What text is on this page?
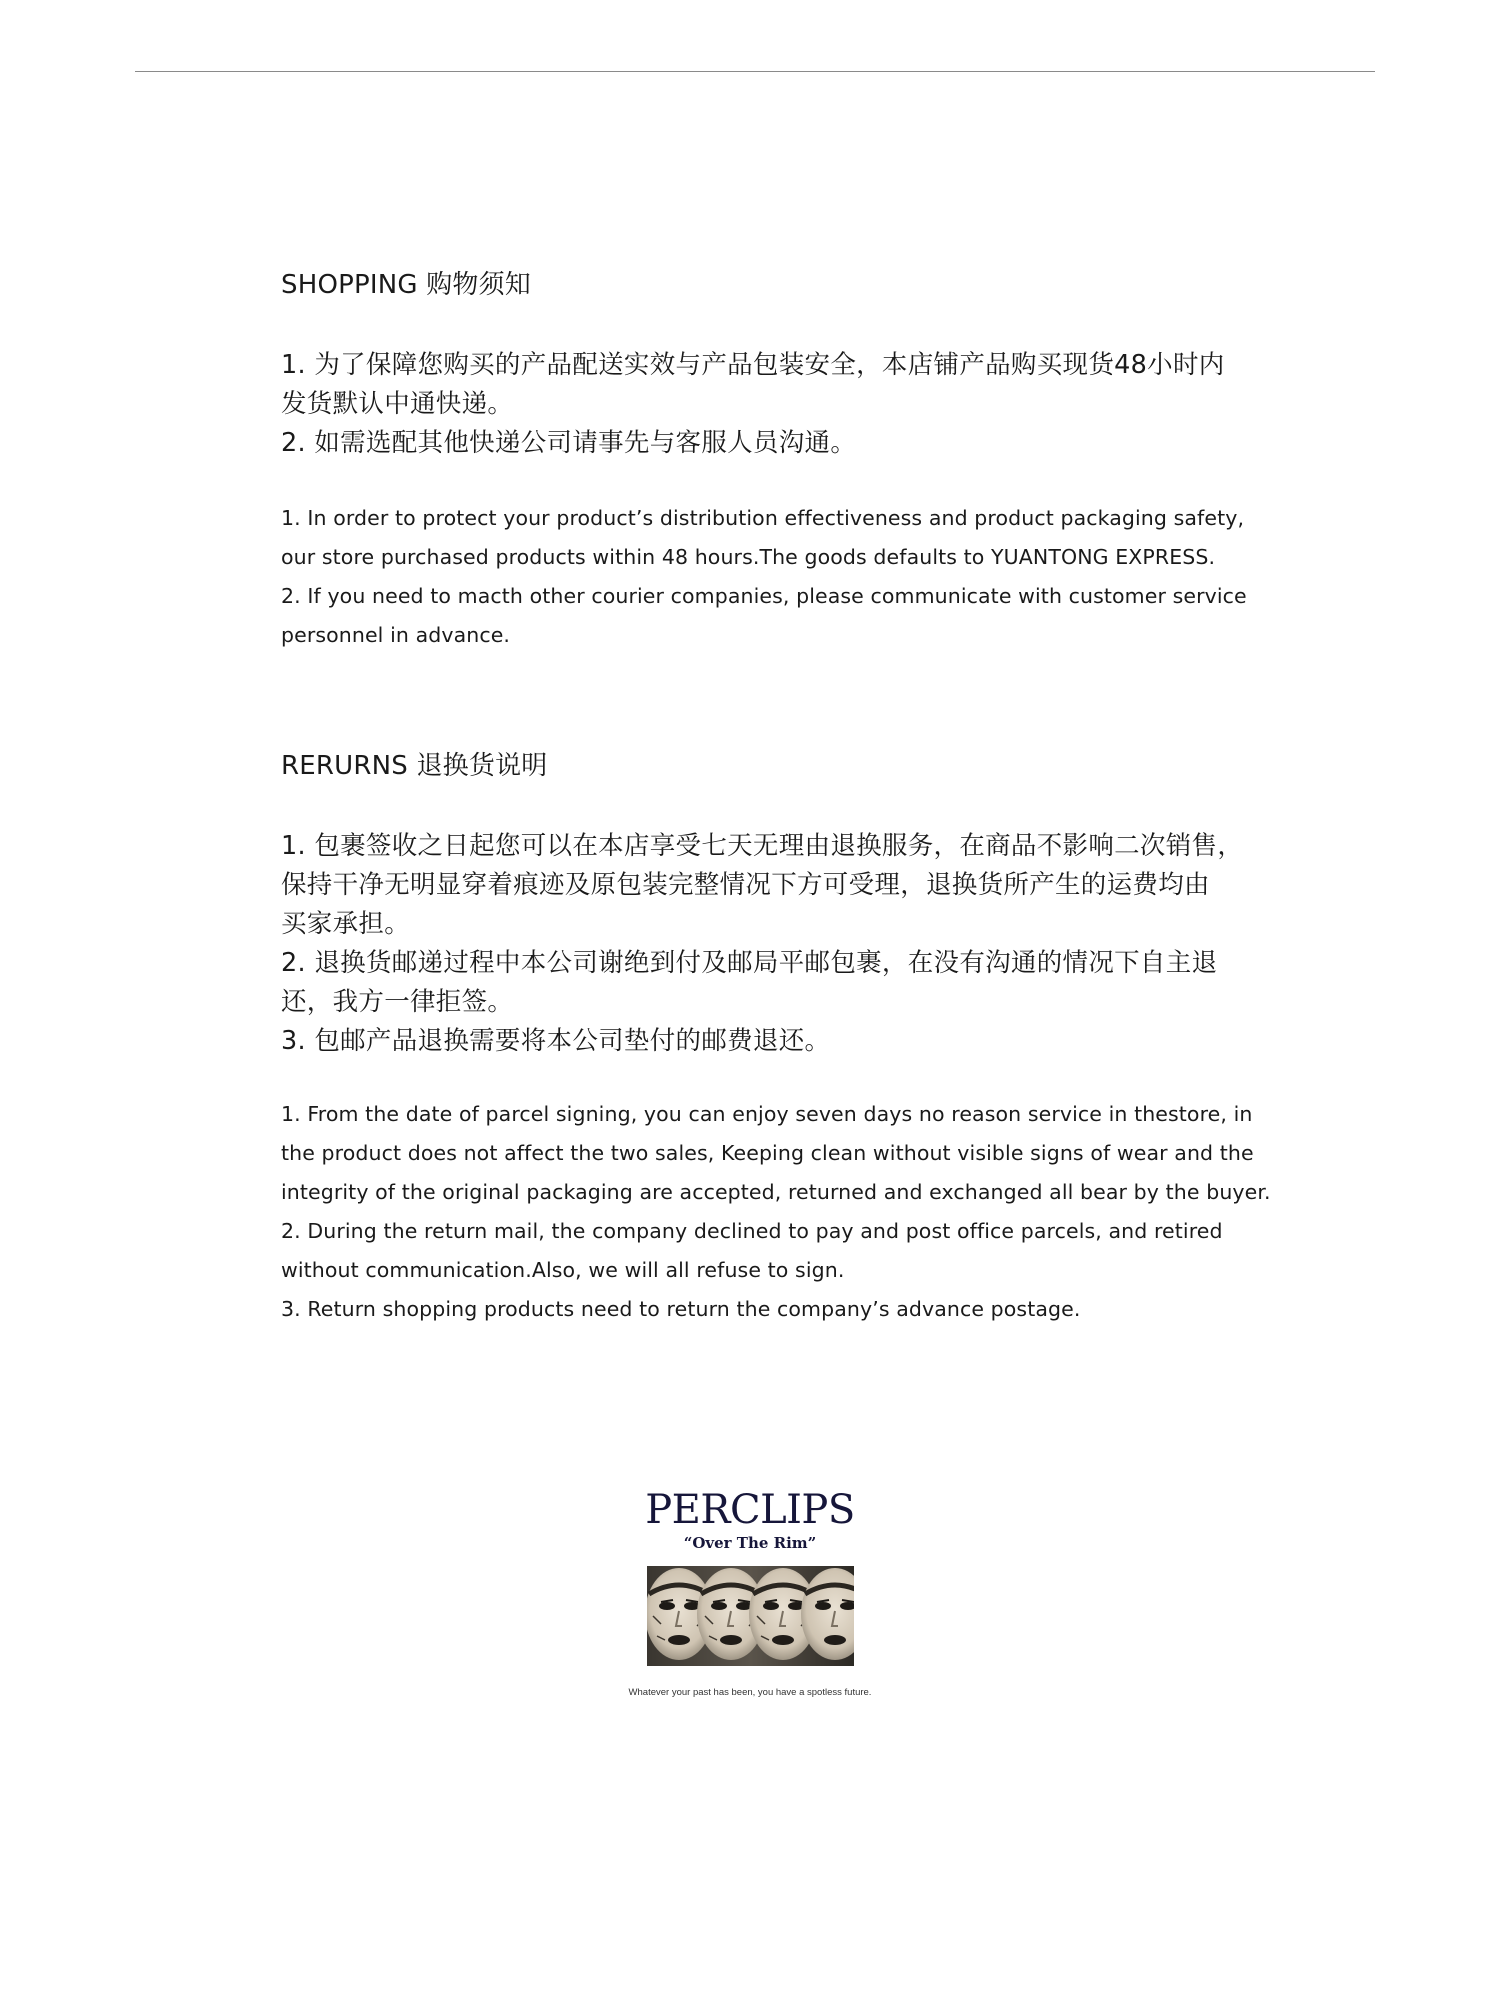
SHOPPING 购物须知
1. 为了保障您购买的产品配送实效与产品包装安全，本店铺产品购买现货48小时内
发货默认中通快递。
2. 如需选配其他快递公司请事先与客服人员沟通。
1. In order to protect your product’s distribution effectiveness and product packaging safety,
our store purchased products within 48 hours.The goods defaults to YUANTONG EXPRESS.
2. If you need to macth other courier companies, please communicate with customer service
personnel in advance.
RERURNS 退换货说明
1. 包裹签收之日起您可以在本店享受七天无理由退换服务，在商品不影响二次销售，
保持干净无明显穿着痕迹及原包装完整情况下方可受理，退换货所产生的运费均由
买家承担。
2. 退换货邮递过程中本公司谢绝到付及邮局平邮包裹，在没有沟通的情况下自主退
还，我方一律拒签。
3. 包邮产品退换需要将本公司垫付的邮费退还。
1. From the date of parcel signing, you can enjoy seven days no reason service in thestore, in
the product does not affect the two sales, Keeping clean without visible signs of wear and the
integrity of the original packaging are accepted, returned and exchanged all bear by the buyer.
2. During the return mail, the company declined to pay and post office parcels, and retired
without communication.Also, we will all refuse to sign.
3. Return shopping products need to return the company’s advance postage.

PERCLIPS

“Over The Rim”

Whatever your past has been, you have a spotless future.
